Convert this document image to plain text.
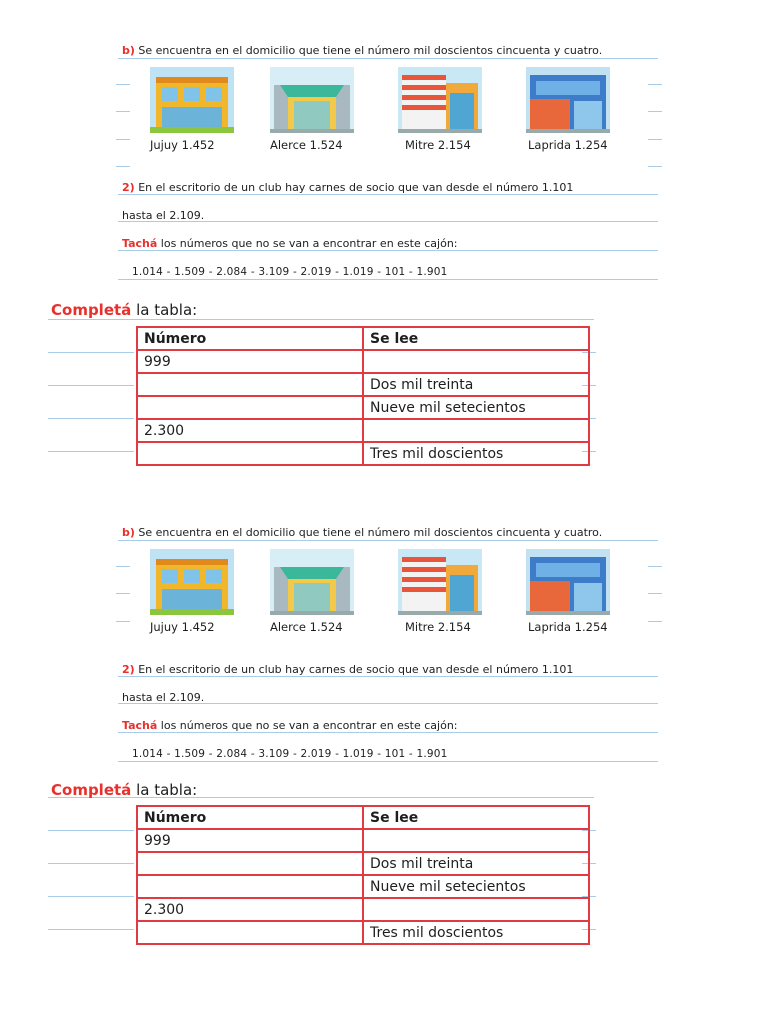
b) Se encuentra en el domicilio que tiene el número mil doscientos cincuenta y cuatro.
Jujuy 1.452	Alerce 1.524	Mitre 2.154	Laprida 1.254
2) En el escritorio de un club hay carnes de socio que van desde el número 1.101
hasta el 2.109.
Tachá los números que no se van a encontrar en este cajón:
1.014 - 1.509 - 2.084 - 3.109 - 2.019 - 1.019 - 101 - 1.901
Completá la tabla:
Número	Se lee
999	
	Dos mil treinta
	Nueve mil setecientos
2.300	
	Tres mil doscientos
b) Se encuentra en el domicilio que tiene el número mil doscientos cincuenta y cuatro.
Jujuy 1.452	Alerce 1.524	Mitre 2.154	Laprida 1.254
2) En el escritorio de un club hay carnes de socio que van desde el número 1.101
hasta el 2.109.
Tachá los números que no se van a encontrar en este cajón:
1.014 - 1.509 - 2.084 - 3.109 - 2.019 - 1.019 - 101 - 1.901
Completá la tabla:
Número	Se lee
999	
	Dos mil treinta
	Nueve mil setecientos
2.300	
	Tres mil doscientos
